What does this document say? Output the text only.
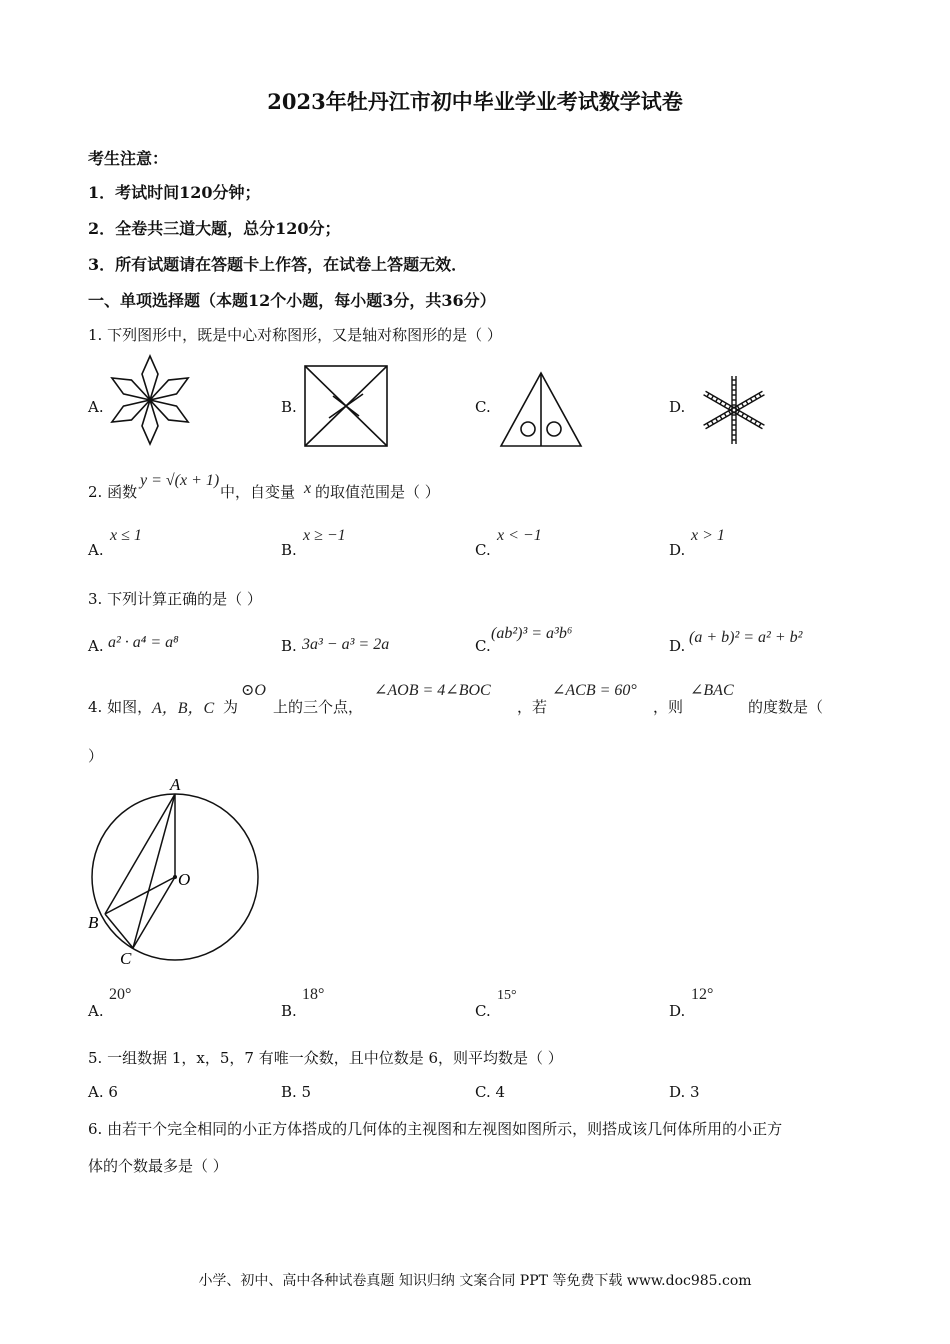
2023年牡丹江市初中毕业学业考试数学试卷
考生注意：
1．考试时间120分钟；
2．全卷共三道大题，总分120分；
3．所有试题请在答题卡上作答，在试卷上答题无效．
一、单项选择题（本题12个小题，每小题3分，共36分）
1. 下列图形中，既是中心对称图形，又是轴对称图形的是（ ）
A.	B.	C.	D.
2. 函数
y = √(x + 1)
中，自变量 x 的取值范围是（ ）
A.
x ≤ 1
B.
x ≥ −1
C.
x < −1
D.
x > 1
3. 下列计算正确的是（ ）
A. a² · a⁴ = a⁸	B. 3a³ − a³ = 2a	C.
(ab²)³ = a³b⁶
D. (a + b)² = a² + b²
4. 如图， A，B，C 为
⊙O
上的三个点，
∠AOB = 4∠BOC
，若
∠ACB = 60°
，则
∠BAC
的度数是（
）
A
O
B
C
A.
20°
B.
18°
C.
15°
D.
12°
5. 一组数据 1，x，5，7 有唯一众数，且中位数是 6，则平均数是（ ）
A. 6	B. 5	C. 4	D. 3
6. 由若干个完全相同的小正方体搭成的几何体的主视图和左视图如图所示，则搭成该几何体所用的小正方
体的个数最多是（ ）
小学、初中、高中各种试卷真题 知识归纳 文案合同 PPT 等免费下载 www.doc985.com
